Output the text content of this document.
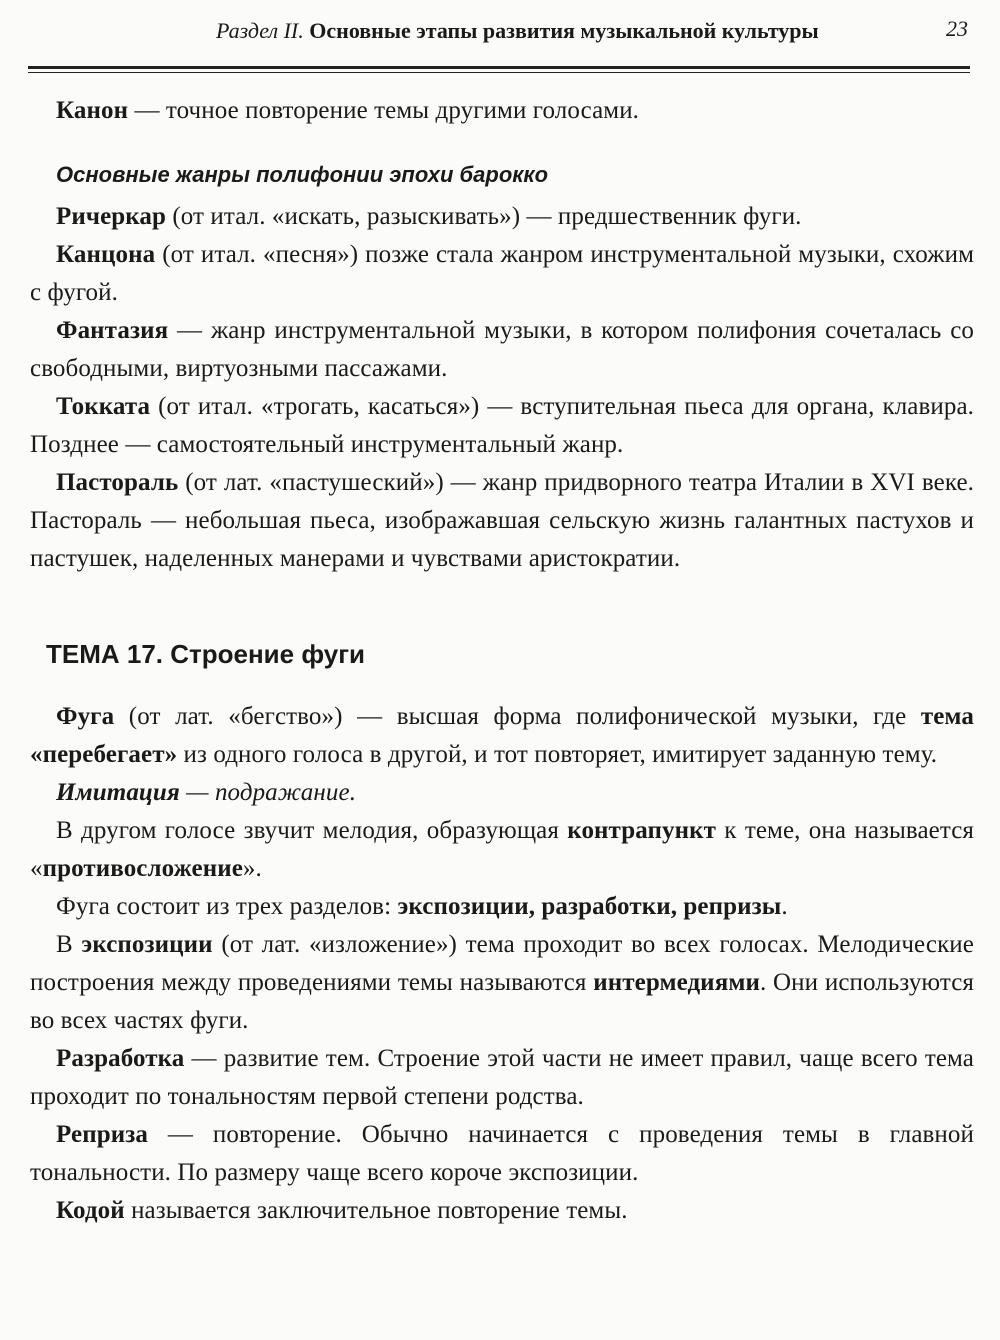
Раздел II. Основные этапы развития музыкальной культуры	23

Канон — точное повторение темы другими голосами.

Основные жанры полифонии эпохи барокко

Ричеркар (от итал. «искать, разыскивать») — предшественник фуги.

Канцона (от итал. «песня») позже стала жанром инструментальной музыки, схожим с фугой.

Фантазия — жанр инструментальной музыки, в котором полифония сочеталась со свободными, виртуозными пассажами.

Токката (от итал. «трогать, касаться») — вступительная пьеса для органа, клавира. Позднее — самостоятельный инструментальный жанр.

Пастораль (от лат. «пастушеский») — жанр придворного театра Италии в XVI веке. Пастораль — небольшая пьеса, изображавшая сельскую жизнь галантных пастухов и пастушек, наделенных манерами и чувствами аристократии.

ТЕМА 17. Строение фуги

Фуга (от лат. «бегство») — высшая форма полифонической музыки, где тема «перебегает» из одного голоса в другой, и тот повторяет, имитирует заданную тему.

Имитация — подражание.

В другом голосе звучит мелодия, образующая контрапункт к теме, она называется «противосложение».

Фуга состоит из трех разделов: экспозиции, разработки, репризы.

В экспозиции (от лат. «изложение») тема проходит во всех голосах. Мелодические построения между проведениями темы называются интермедиями. Они используются во всех частях фуги.

Разработка — развитие тем. Строение этой части не имеет правил, чаще всего тема проходит по тональностям первой степени родства.

Реприза — повторение. Обычно начинается с проведения темы в главной тональности. По размеру чаще всего короче экспозиции.

Кодой называется заключительное повторение темы.
